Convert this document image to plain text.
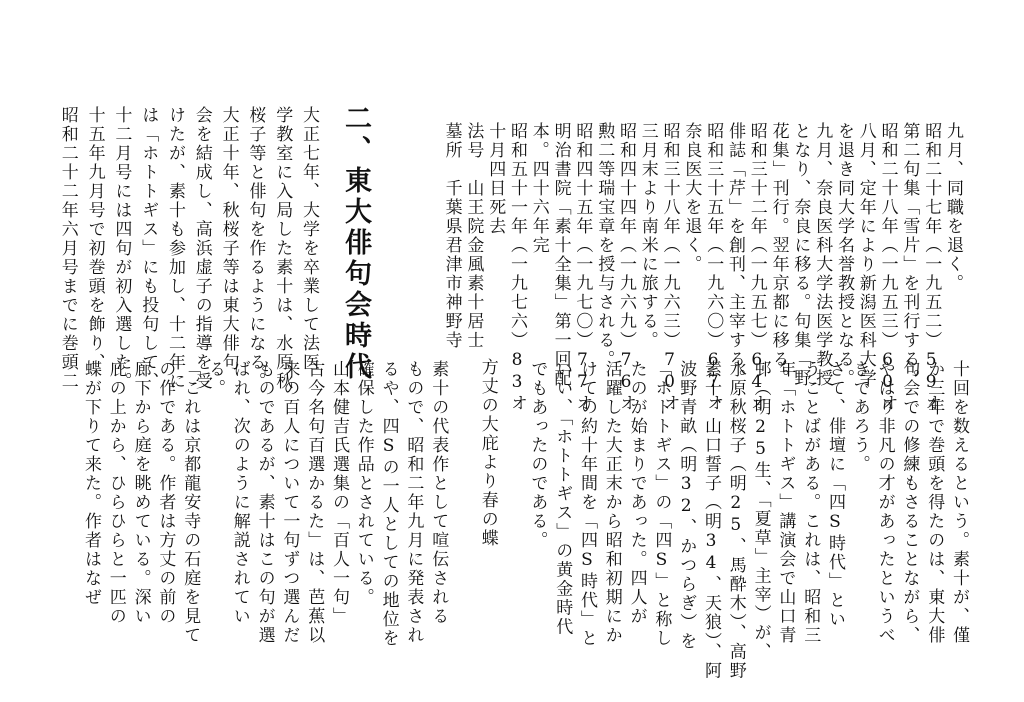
九月、同職を退く。
昭和二十七年（一九五二）59オ
第二句集「雪片」を刊行する。
昭和二十八年（一九五三）60オ
八月、定年により新潟医科大学
を退き同大学名誉教授となる。
九月、奈良医科大学法医学教授
となり、奈良に移る。句集「野
花集」刊行。翌年京都に移る。
昭和三十二年（一九五七）64オ
俳誌「芹」を創刊、主宰する。
昭和三十五年（一九六〇）67オ
奈良医大を退く。
昭和三十八年（一九六三）70オ
三月末より南米に旅する。
昭和四十四年（一九六九）76オ
勲二等瑞宝章を授与される。
昭和四十五年（一九七〇）77オ
明治書院「素十全集」第一回配
本。四十六年完
昭和五十一年（一九七六）83オ
十月四日死去
法号　山王院金風素十居士
墓所　千葉県君津市神野寺
二、東大俳句会時代
大正七年、大学を卒業して法医
学教室に入局した素十は、水原秋
桜子等と俳句を作るようになる。
大正十年、秋桜子等は東大俳句
会を結成し、高浜虚子の指導を受
けたが、素十も参加し、十二年に
は「ホトトギス」にも投句して、
十二月号には四句が初入選した。
十五年九月号で初巻頭を飾り、
昭和二十二年六月号までに巻頭二
十回を数えるという。素十が、僅
か三年で巻頭を得たのは、東大俳
句会での修練もさることながら、
やはり非凡の才があったというべ
きであろう。
さて、俳壇に「四S時代」とい
うことばがある。これは、昭和三
年「ホトトギス」講演会で山口青
邨（明25生、「夏草」主宰）が、
水原秋桜子（明25、馬酔木）、高野
素十、山口誓子（明34、天狼）、阿
波野青畝（明32、かつらぎ）を
「ホトトギス」の「四S」と称し
たのが始まりであった。四人が
活躍した大正末から昭和初期にか
けての約十年間を「四S時代」と
いい、「ホトトギス」の黄金時代
でもあったのである。
方丈の大庇より春の蝶
素十の代表作として喧伝される
もので、昭和二年九月に発表され
るや、四Sの一人としての地位を
確保した作品とされている。
山本健吉氏選集の「百人一句」
古今名句百選かるた」は、芭蕉以
来の百人について一句ずつ選んだ
ものであるが、素十はこの句が選
ばれ、次のように解説されてい
る。
「これは京都龍安寺の石庭を見て
の作である。作者は方丈の前の
廊下から庭を眺めている。深い
庇の上から、ひらひらと一匹の
蝶が下りて来た。作者はなぜ
